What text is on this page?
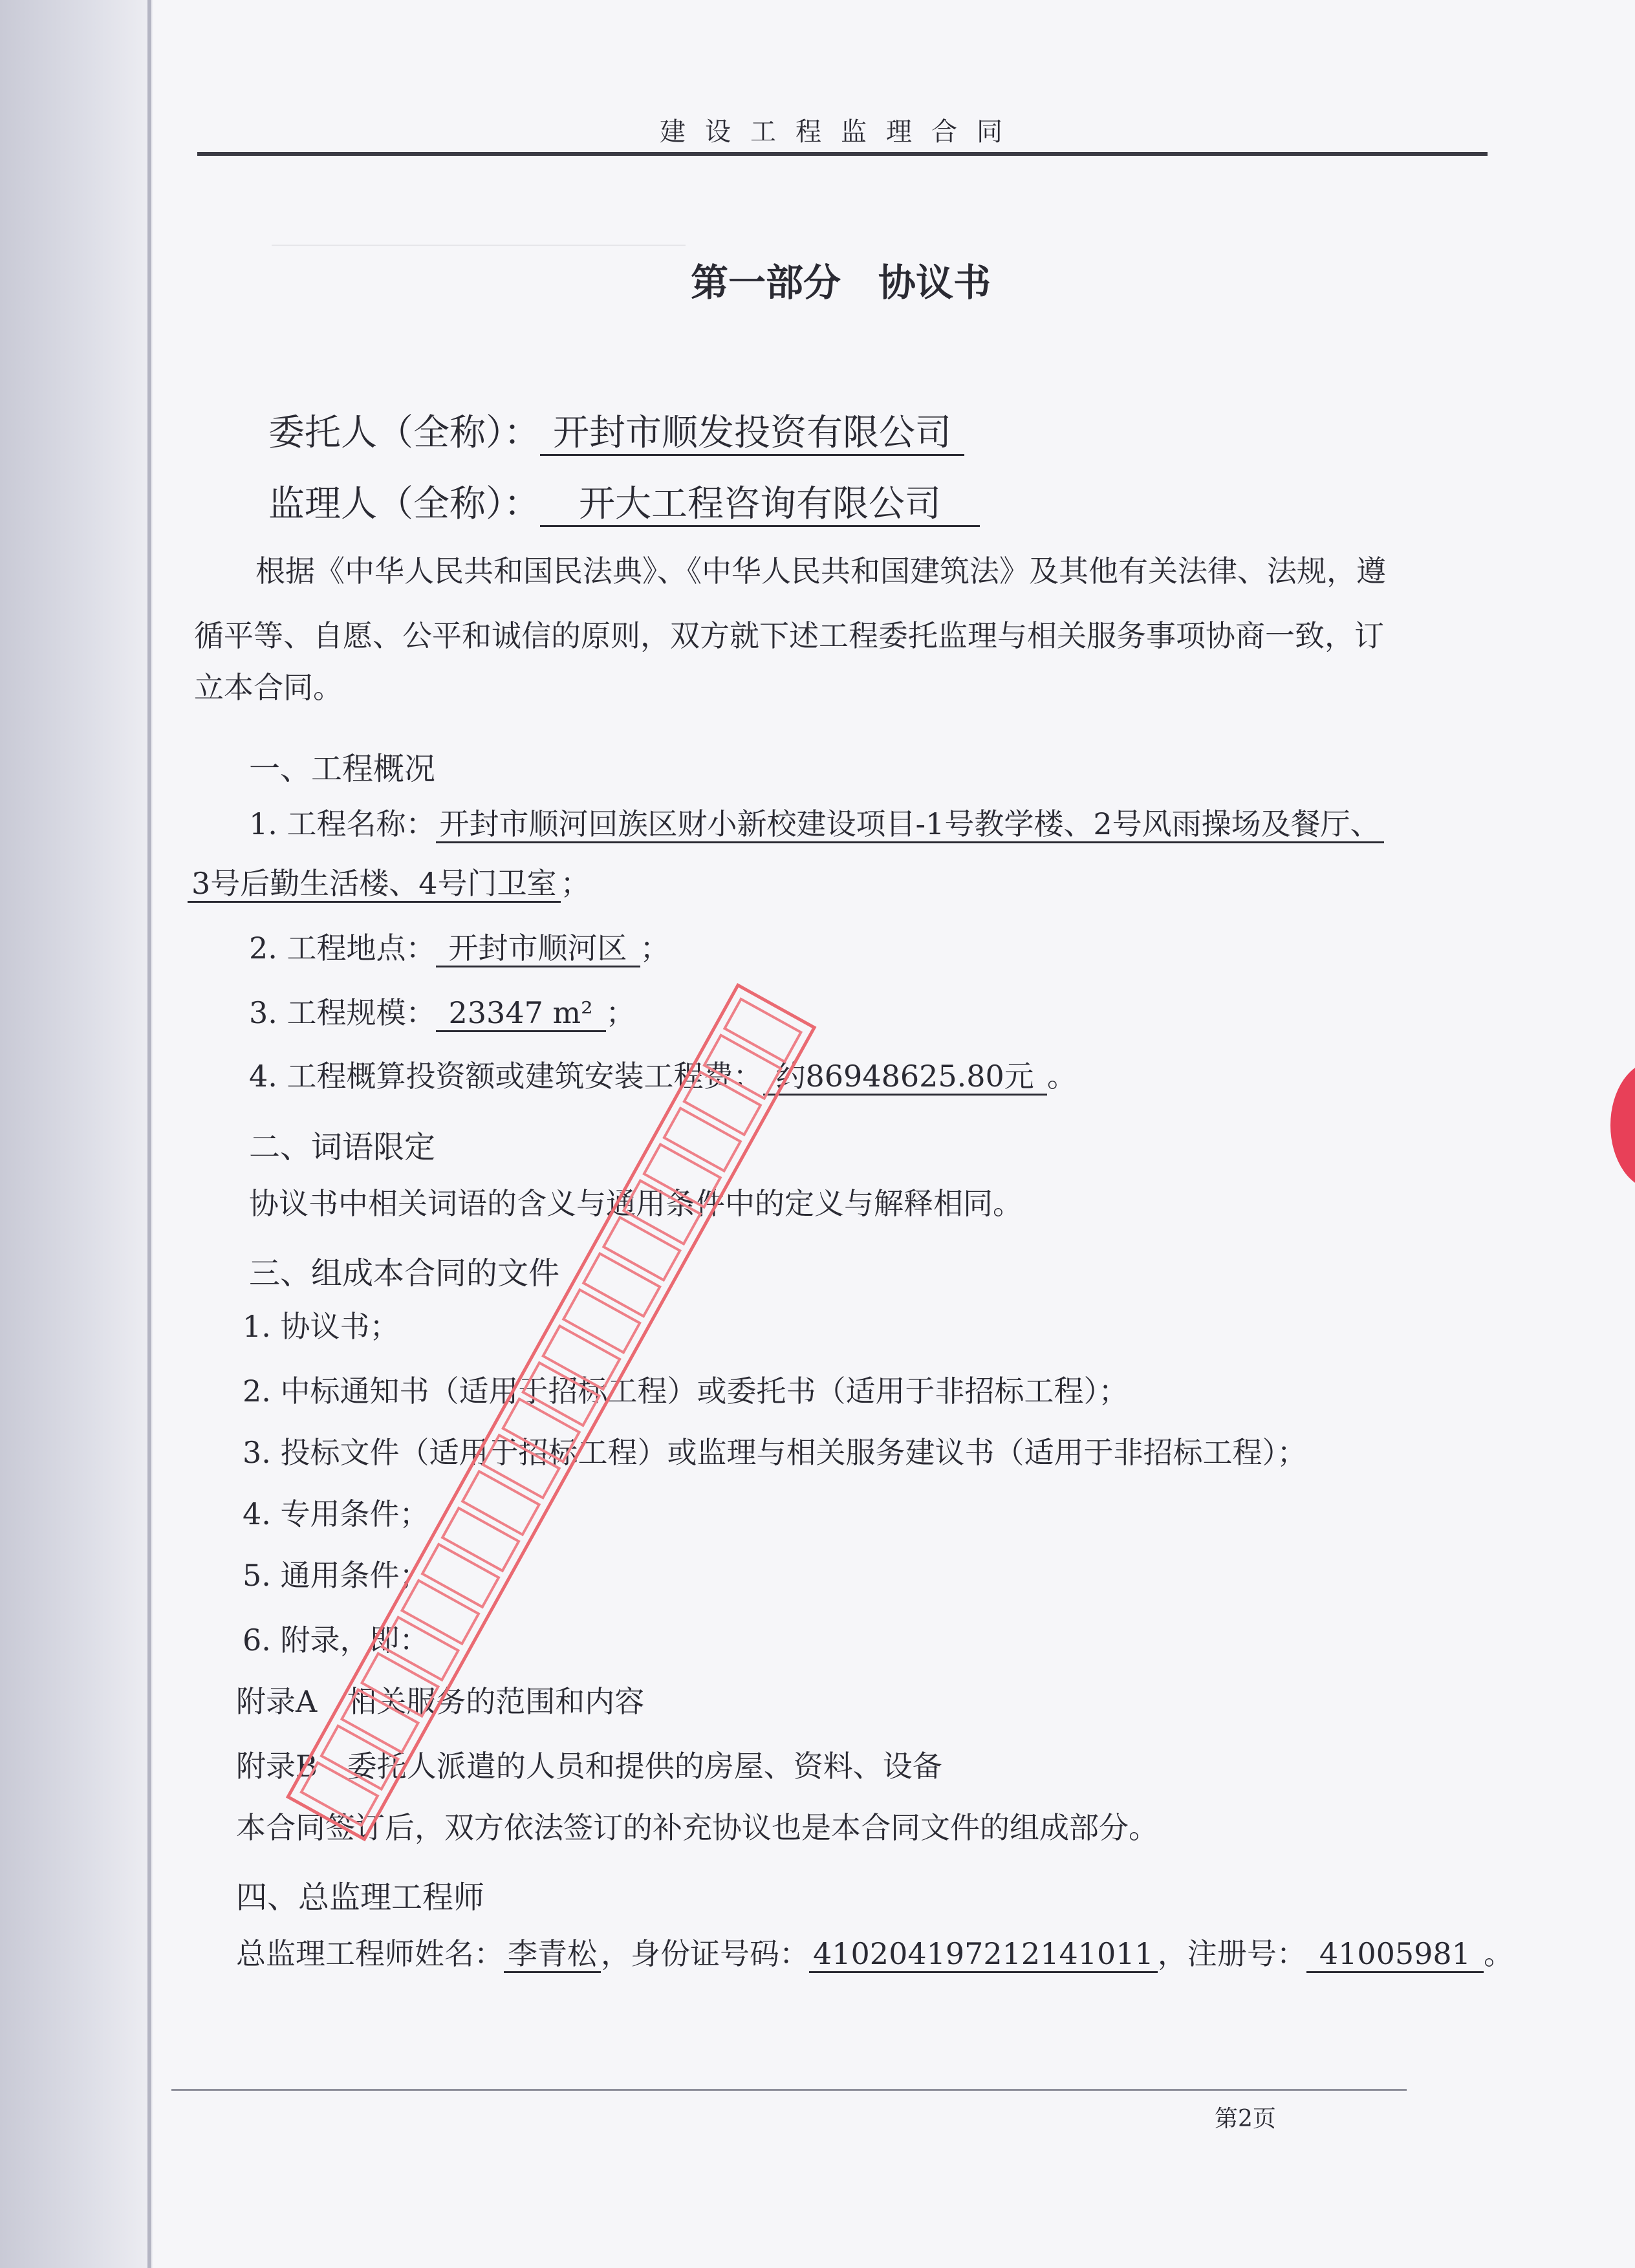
＿＿＿＿＿＿＿＿＿＿＿＿＿＿＿＿
建设工程监理合同
第一部分　协议书
委托人（全称）： 开封市顺发投资有限公司
监理人（全称）： 开大工程咨询有限公司
根据《中华人民共和国民法典》、《中华人民共和国建筑法》及其他有关法律、法规，遵
循平等、自愿、公平和诚信的原则，双方就下述工程委托监理与相关服务事项协商一致，订
立本合同。
一、工程概况
1. 工程名称： 开封市顺河回族区财小新校建设项目-1号教学楼、2号风雨操场及餐厅、
3号后勤生活楼、4号门卫室 ；
2. 工程地点： 开封市顺河区 ；
3. 工程规模： 23347 m² ；
4. 工程概算投资额或建筑安装工程费： 约86948625.80元 。
二、词语限定
协议书中相关词语的含义与通用条件中的定义与解释相同。
三、组成本合同的文件
1. 协议书；
2. 中标通知书（适用于招标工程）或委托书（适用于非招标工程）；
3. 投标文件（适用于招标工程）或监理与相关服务建议书（适用于非招标工程）；
4. 专用条件；
5. 通用条件；
6. 附录，即：
附录A　相关服务的范围和内容
附录B　委托人派遣的人员和提供的房屋、资料、设备
本合同签订后，双方依法签订的补充协议也是本合同文件的组成部分。
四、总监理工程师
总监理工程师姓名： 李青松 ，身份证号码： 410204197212141011 ，注册号： 41005981 。
第2页
